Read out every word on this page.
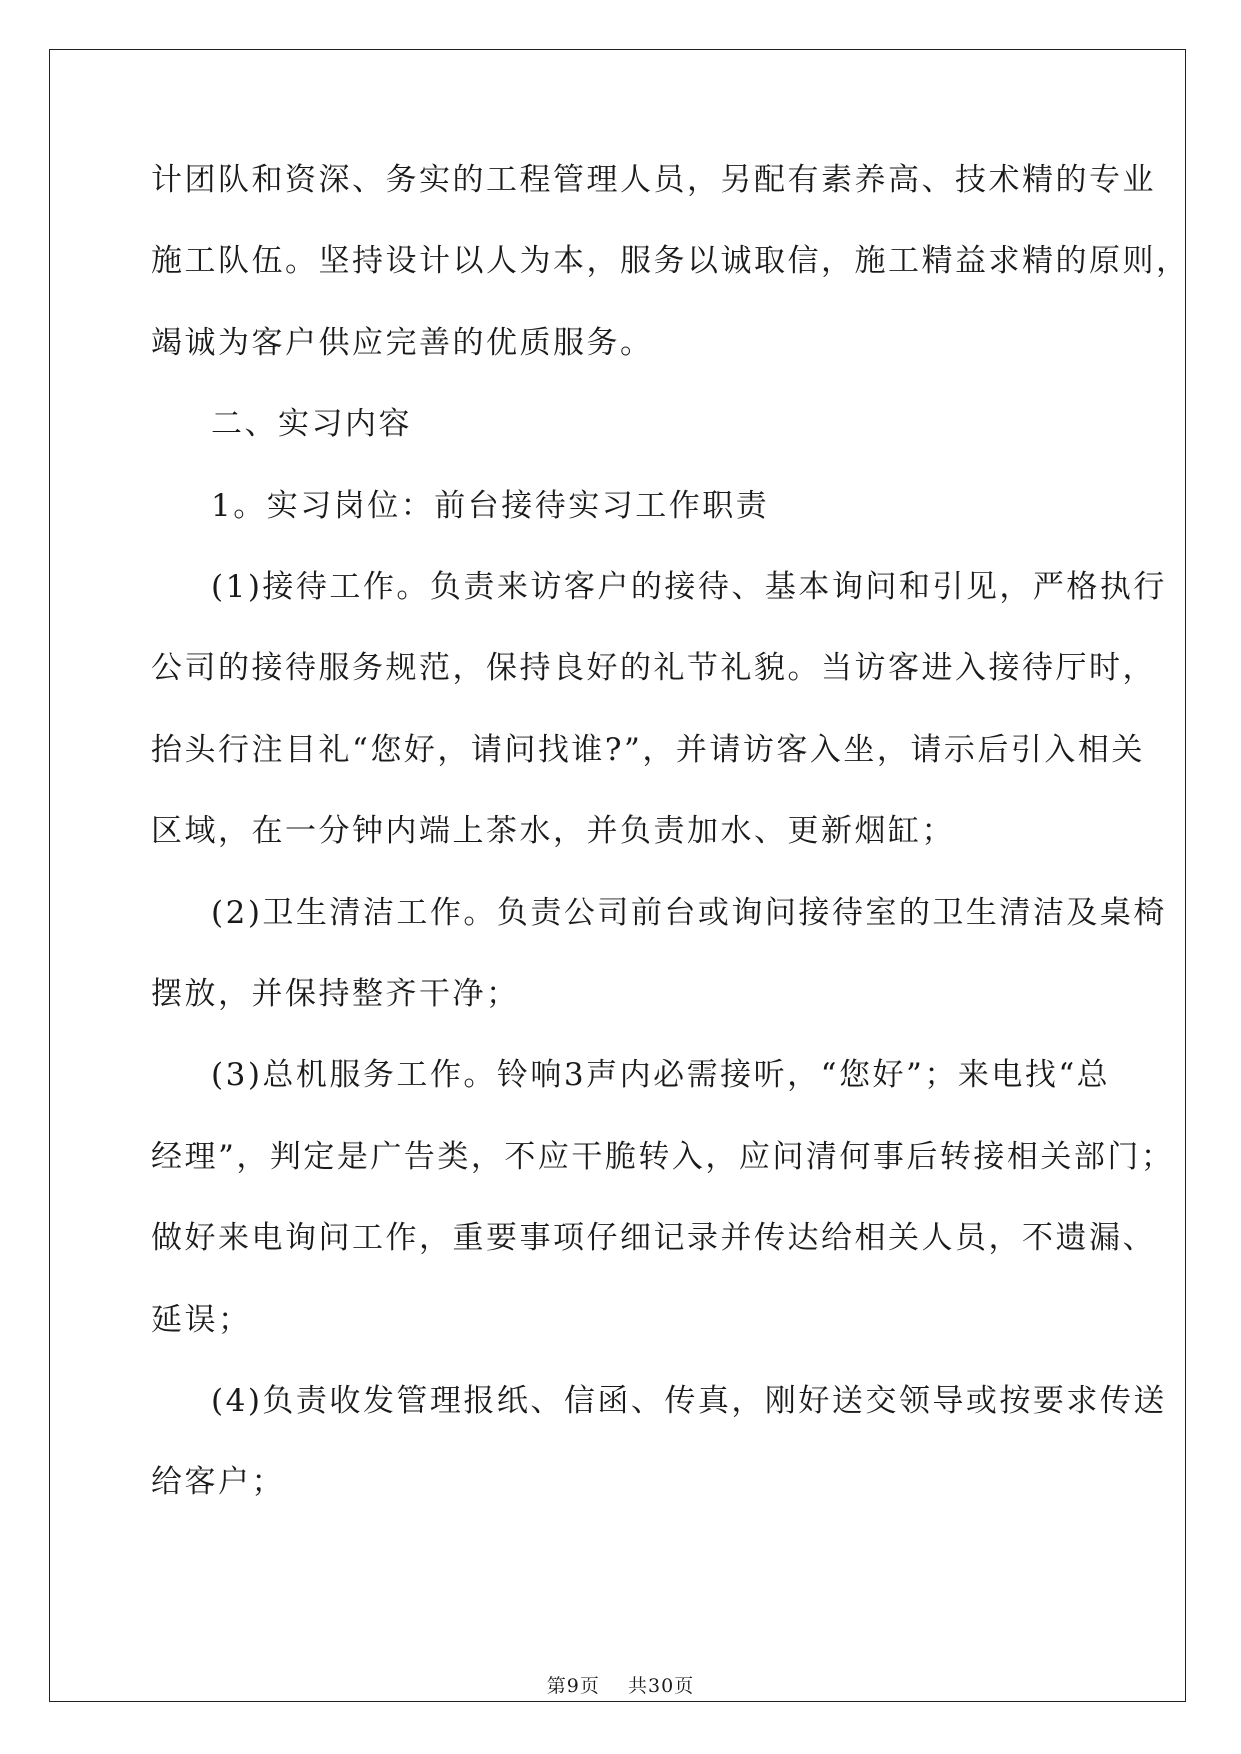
计团队和资深、务实的工程管理人员，另配有素养高、技术精的专业
施工队伍。坚持设计以人为本，服务以诚取信，施工精益求精的原则，
竭诚为客户供应完善的优质服务。
二、实习内容
1。实习岗位：前台接待实习工作职责
(1)接待工作。负责来访客户的接待、基本询问和引见，严格执行
公司的接待服务规范，保持良好的礼节礼貌。当访客进入接待厅时，
抬头行注目礼“您好，请问找谁?”，并请访客入坐，请示后引入相关
区域，在一分钟内端上茶水，并负责加水、更新烟缸；
(2)卫生清洁工作。负责公司前台或询问接待室的卫生清洁及桌椅
摆放，并保持整齐干净；
(3)总机服务工作。铃响3声内必需接听，“您好”；来电找“总
经理”，判定是广告类，不应干脆转入，应问清何事后转接相关部门；
做好来电询问工作，重要事项仔细记录并传达给相关人员，不遗漏、
延误；
(4)负责收发管理报纸、信函、传真，刚好送交领导或按要求传送
给客户；
第9页 共30页
